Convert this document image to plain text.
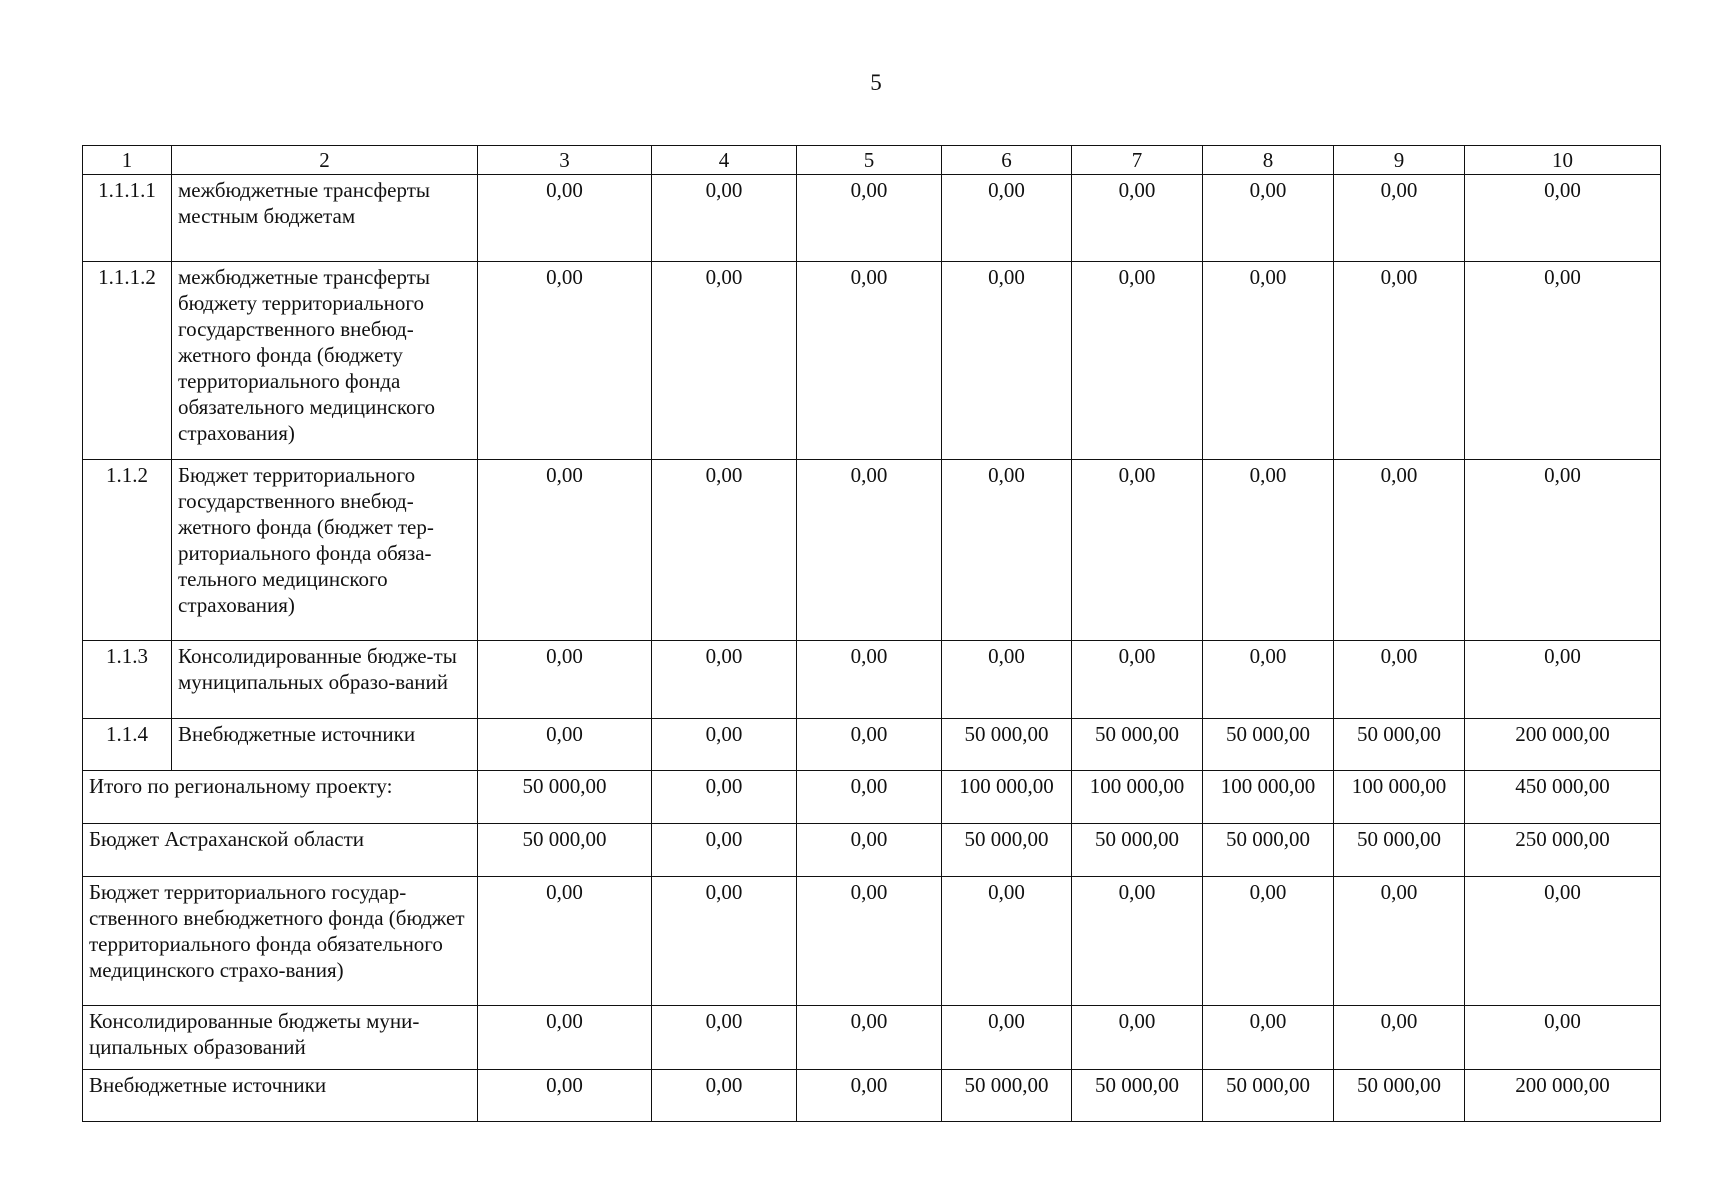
5
1	2	3	4	5	6	7	8	9	10
1.1.1.1	межбюджетные трансферты местным бюджетам	0,00	0,00	0,00	0,00	0,00	0,00	0,00	0,00
1.1.1.2	межбюджетные трансферты бюджету территориального государственного внебюд-жетного фонда (бюджету территориального фонда обязательного медицинского страхования)	0,00	0,00	0,00	0,00	0,00	0,00	0,00	0,00
1.1.2	Бюджет территориального государственного внебюд-жетного фонда (бюджет тер-риториального фонда обяза-тельного медицинского страхования)	0,00	0,00	0,00	0,00	0,00	0,00	0,00	0,00
1.1.3	Консолидированные бюдже-ты муниципальных образо-ваний	0,00	0,00	0,00	0,00	0,00	0,00	0,00	0,00
1.1.4	Внебюджетные источники	0,00	0,00	0,00	50 000,00	50 000,00	50 000,00	50 000,00	200 000,00
Итого по региональному проекту:		50 000,00	0,00	0,00	100 000,00	100 000,00	100 000,00	100 000,00	450 000,00
Бюджет Астраханской области		50 000,00	0,00	0,00	50 000,00	50 000,00	50 000,00	50 000,00	250 000,00
Бюджет территориального государ-ственного внебюджетного фонда (бюджет территориального фонда обязательного медицинского страхо-вания)		0,00	0,00	0,00	0,00	0,00	0,00	0,00	0,00
Консолидированные бюджеты муни-ципальных образований		0,00	0,00	0,00	0,00	0,00	0,00	0,00	0,00
Внебюджетные источники		0,00	0,00	0,00	50 000,00	50 000,00	50 000,00	50 000,00	200 000,00
